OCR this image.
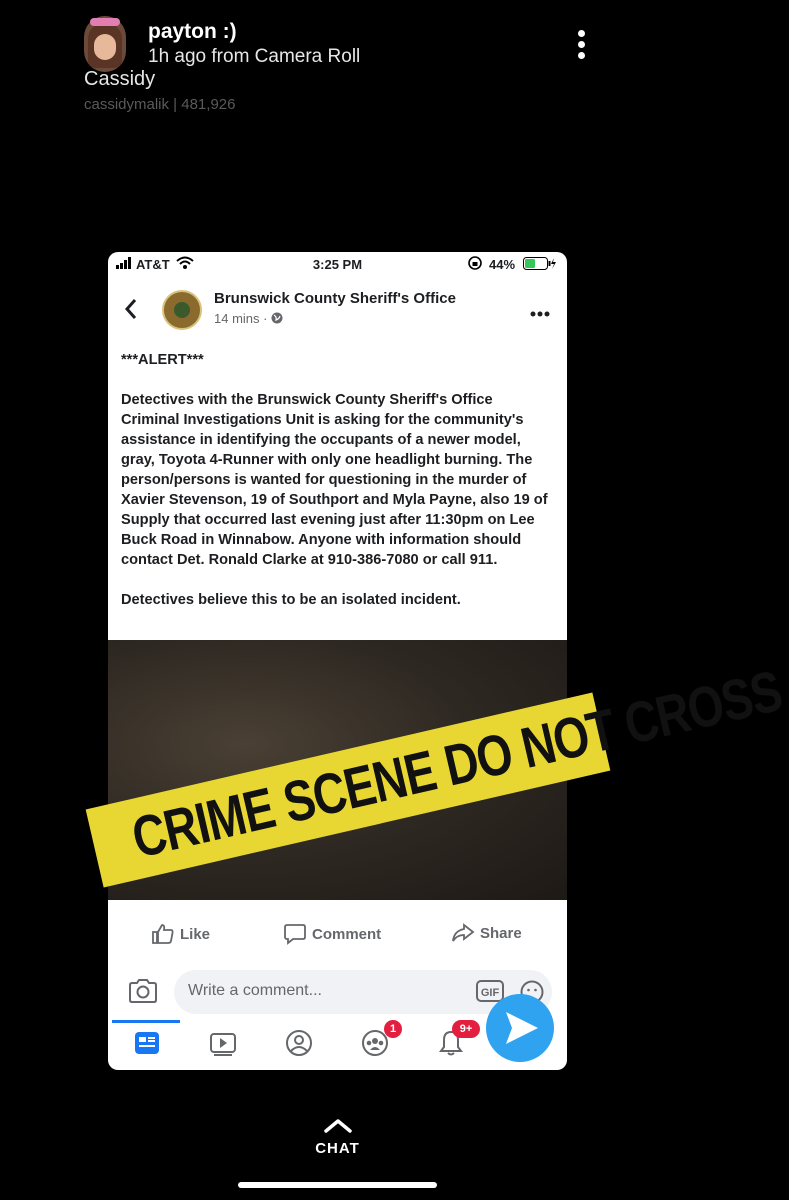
payton :)
1h ago from Camera Roll
Cassidy
cassidymalik | 481,926
AT&T	3:25 PM	44%
Brunswick County Sheriff's Office
14 mins ·

***ALERT***

Detectives with the Brunswick County Sheriff's Office Criminal Investigations Unit is asking for the community's assistance in identifying the occupants of a newer model, gray, Toyota 4-Runner with only one headlight burning. The person/persons is wanted for questioning in the murder of Xavier Stevenson, 19 of Southport and Myla Payne, also 19 of Supply that occurred last evening just after 11:30pm on Lee Buck Road in Winnabow. Anyone with information should contact Det. Ronald Clarke at 910-386-7080 or call 911.

Detectives believe this to be an isolated incident.

CRIME SCENE DO NOT CROSS
Like	Comment	Share
Write a comment...	GIF
1	9+
CHAT
